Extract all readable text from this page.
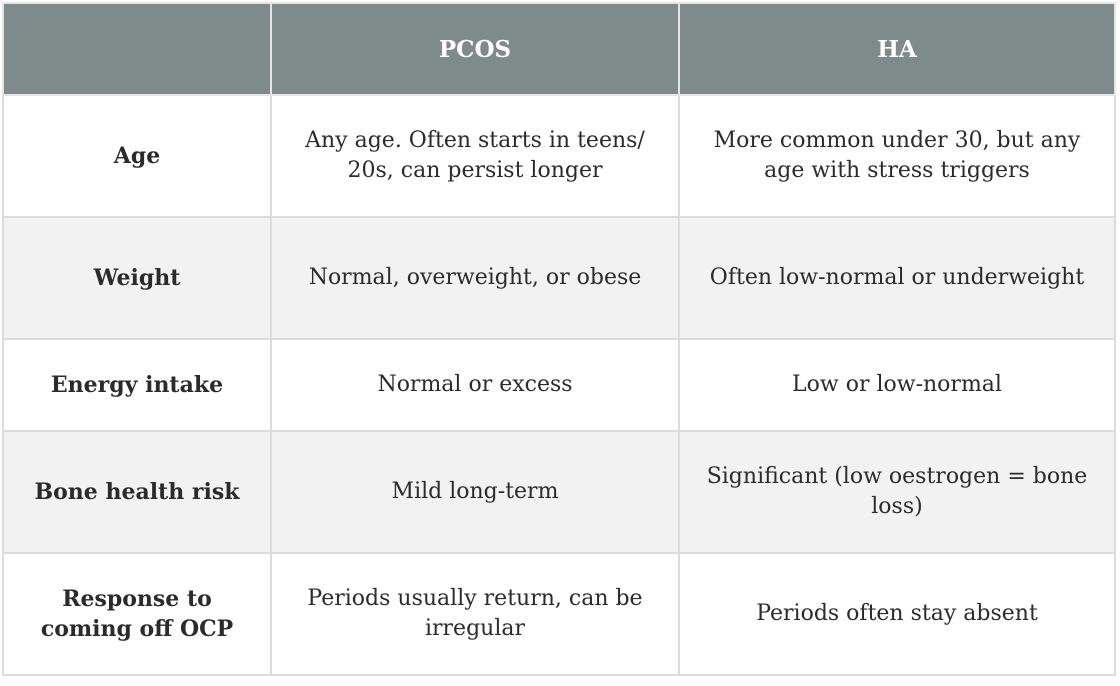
	PCOS	HA
Age	Any age. Often starts in teens/ 20s, can persist longer	More common under 30, but any age with stress triggers
Weight	Normal, overweight, or obese	Often low-normal or underweight
Energy intake	Normal or excess	Low or low-normal
Bone health risk	Mild long-term	Significant (low oestrogen = bone loss)
Response to coming off OCP	Periods usually return, can be irregular	Periods often stay absent
